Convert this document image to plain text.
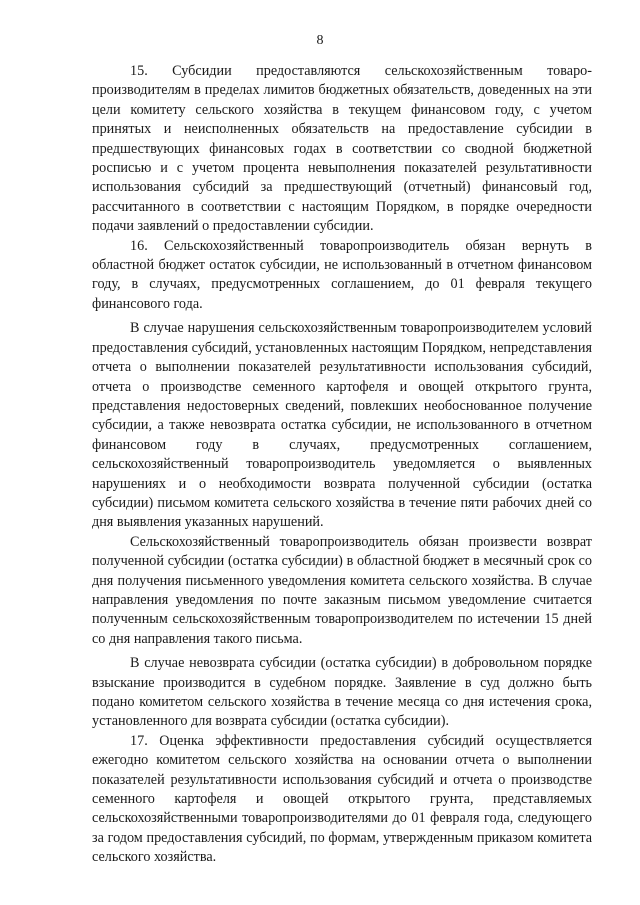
8

15. Субсидии предоставляются сельскохозяйственным товаропроизводителям в пределах лимитов бюджетных обязательств, доведенных на эти цели комитету сельского хозяйства в текущем финансовом году, с учетом принятых и неисполненных обязательств на предоставление субсидии в предшествующих финансовых годах в соответствии со сводной бюджетной росписью и с учетом процента невыполнения показателей результативности использования субсидий за предшествующий (отчетный) финансовый год, рассчитанного в соответствии с настоящим Порядком, в порядке очередности подачи заявлений о предоставлении субсидии.

16. Сельскохозяйственный товаропроизводитель обязан вернуть в областной бюджет остаток субсидии, не использованный в отчетном финансовом году, в случаях, предусмотренных соглашением, до 01 февраля текущего финансового года.

В случае нарушения сельскохозяйственным товаропроизводителем условий предоставления субсидий, установленных настоящим Порядком, непредставления отчета о выполнении показателей результативности использования субсидий, отчета о производстве семенного картофеля и овощей открытого грунта, представления недостоверных сведений, повлекших необоснованное получение субсидии, а также невозврата остатка субсидии, не использованного в отчетном финансовом году в случаях, предусмотренных соглашением, сельскохозяйственный товаропроизводитель уведомляется о выявленных нарушениях и о необходимости возврата полученной субсидии (остатка субсидии) письмом комитета сельского хозяйства в течение пяти рабочих дней со дня выявления указанных нарушений.

Сельскохозяйственный товаропроизводитель обязан произвести возврат полученной субсидии (остатка субсидии) в областной бюджет в месячный срок со дня получения письменного уведомления комитета сельского хозяйства. В случае направления уведомления по почте заказным письмом уведомление считается полученным сельскохозяйственным товаропроизводителем по истечении 15 дней со дня направления такого письма.

В случае невозврата субсидии (остатка субсидии) в добровольном порядке взыскание производится в судебном порядке. Заявление в суд должно быть подано комитетом сельского хозяйства в течение месяца со дня истечения срока, установленного для возврата субсидии (остатка субсидии).

17. Оценка эффективности предоставления субсидий осуществляется ежегодно комитетом сельского хозяйства на основании отчета о выполнении показателей результативности использования субсидий и отчета о производстве семенного картофеля и овощей открытого грунта, представляемых сельскохозяйственными товаропроизводителями до 01 февраля года, следующего за годом предоставления субсидий, по формам, утвержденным приказом комитета сельского хозяйства.
